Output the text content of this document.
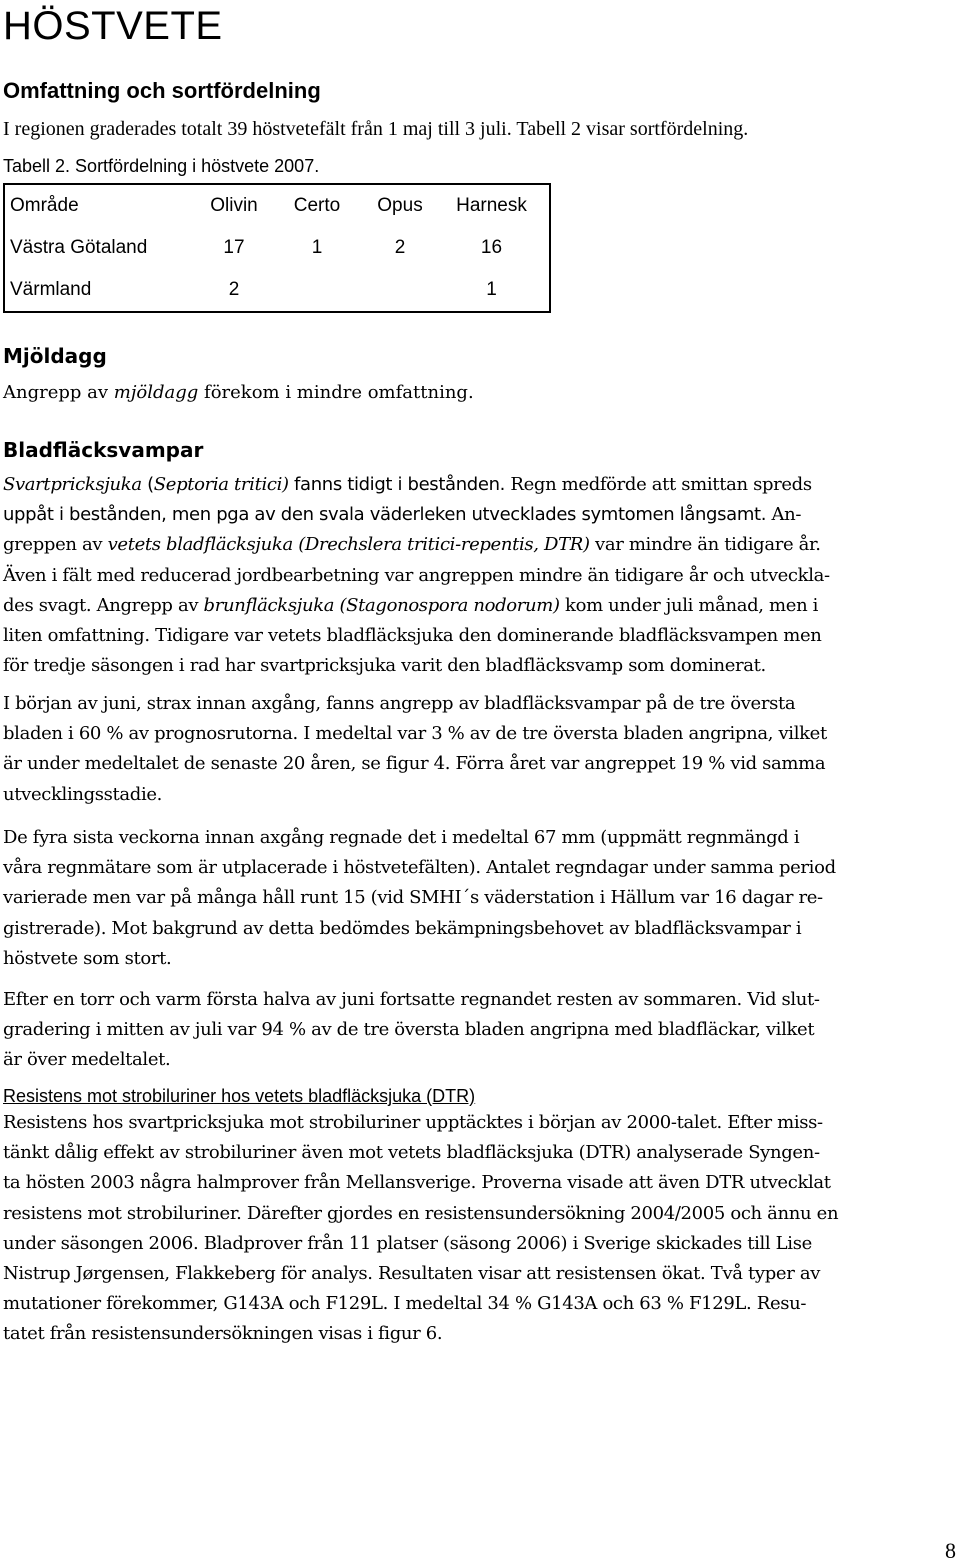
HÖSTVETE
Omfattning och sortfördelning

I regionen graderades totalt 39 höstvetefält från 1 maj till 3 juli. Tabell 2 visar sortfördelning.

Tabell 2. Sortfördelning i höstvete 2007.

Område	Olivin	Certo	Opus	Harnesk
Västra Götaland	17	1	2	16
Värmland	2			1
Mjöldagg

Angrepp av mjöldagg förekom i mindre omfattning.

Bladfläcksvampar
Svartpricksjuka (Septoria tritici) fanns tidigt i bestånden. Regn medförde att smittan spreds
uppåt i bestånden, men pga av den svala väderleken utvecklades symtomen långsamt. An-
greppen av vetets bladfläcksjuka (Drechslera tritici-repentis, DTR) var mindre än tidigare år.
Även i fält med reducerad jordbearbetning var angreppen mindre än tidigare år och utveckla-
des svagt. Angrepp av brunfläcksjuka (Stagonospora nodorum) kom under juli månad, men i
liten omfattning. Tidigare var vetets bladfläcksjuka den dominerande bladfläcksvampen men
för tredje säsongen i rad har svartpricksjuka varit den bladfläcksvamp som dominerat.
I början av juni, strax innan axgång, fanns angrepp av bladfläcksvampar på de tre översta
bladen i 60 % av prognosrutorna. I medeltal var 3 % av de tre översta bladen angripna, vilket
är under medeltalet de senaste 20 åren, se figur 4. Förra året var angreppet 19 % vid samma
utvecklingsstadie.
De fyra sista veckorna innan axgång regnade det i medeltal 67 mm (uppmätt regnmängd i
våra regnmätare som är utplacerade i höstvetefälten). Antalet regndagar under samma period
varierade men var på många håll runt 15 (vid SMHI´s väderstation i Hällum var 16 dagar re-
gistrerade). Mot bakgrund av detta bedömdes bekämpningsbehovet av bladfläcksvampar i
höstvete som stort.
Efter en torr och varm första halva av juni fortsatte regnandet resten av sommaren. Vid slut-
gradering i mitten av juli var 94 % av de tre översta bladen angripna med bladfläckar, vilket
är över medeltalet.

Resistens mot strobiluriner hos vetets bladfläcksjuka (DTR)

Resistens hos svartpricksjuka mot strobiluriner upptäcktes i början av 2000-talet. Efter miss-
tänkt dålig effekt av strobiluriner även mot vetets bladfläcksjuka (DTR) analyserade Syngen-
ta hösten 2003 några halmprover från Mellansverige. Proverna visade att även DTR utvecklat
resistens mot strobiluriner. Därefter gjordes en resistensundersökning 2004/2005 och ännu en
under säsongen 2006. Bladprover från 11 platser (säsong 2006) i Sverige skickades till Lise
Nistrup Jørgensen, Flakkeberg för analys. Resultaten visar att resistensen ökat. Två typer av
mutationer förekommer, G143A och F129L. I medeltal 34 % G143A och 63 % F129L. Resu-
tatet från resistensundersökningen visas i figur 6.
8
